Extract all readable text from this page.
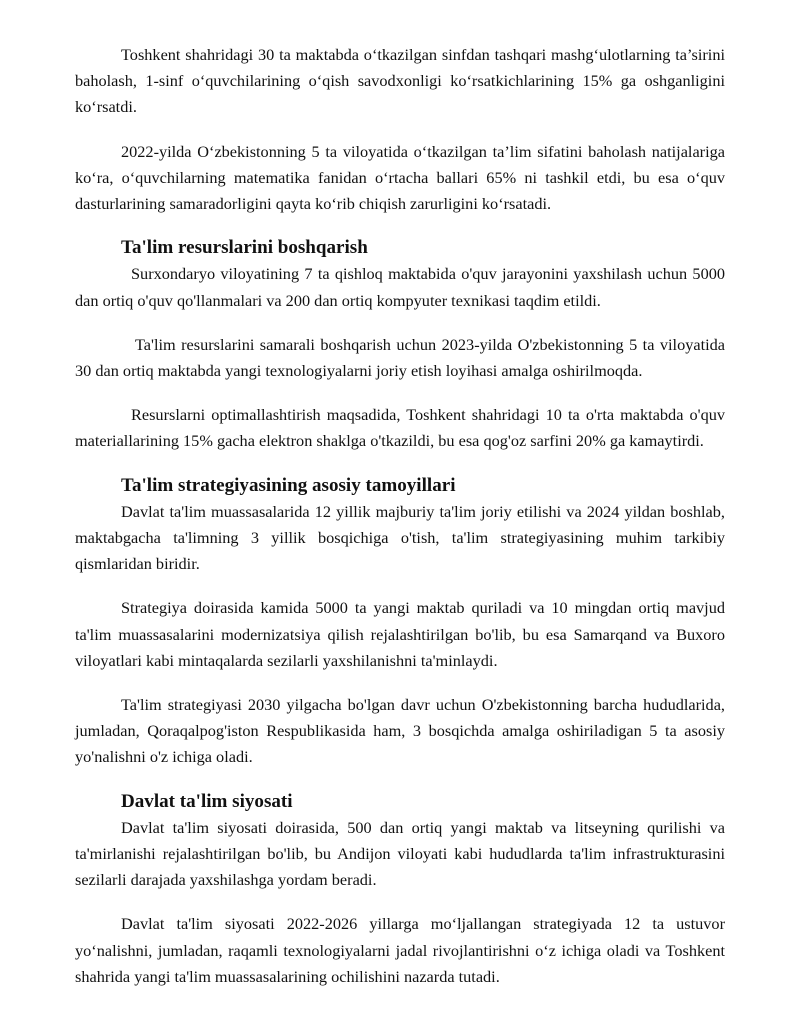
Toshkent shahridagi 30 ta maktabda o‘tkazilgan sinfdan tashqari mashg‘ulotlarning ta’sirini baholash, 1-sinf o‘quvchilarining o‘qish savodxonligi ko‘rsatkichlarining 15% ga oshganligini ko‘rsatdi.

2022-yilda O‘zbekistonning 5 ta viloyatida o‘tkazilgan ta’lim sifatini baholash natijalariga ko‘ra, o‘quvchilarning matematika fanidan o‘rtacha ballari 65% ni tashkil etdi, bu esa o‘quv dasturlarining samaradorligini qayta ko‘rib chiqish zarurligini ko‘rsatadi.

Ta'lim resurslarini boshqarish

Surxondaryo viloyatining 7 ta qishloq maktabida o'quv jarayonini yaxshilash uchun 5000 dan ortiq o'quv qo'llanmalari va 200 dan ortiq kompyuter texnikasi taqdim etildi.

Ta'lim resurslarini samarali boshqarish uchun 2023-yilda O'zbekistonning 5 ta viloyatida 30 dan ortiq maktabda yangi texnologiyalarni joriy etish loyihasi amalga oshirilmoqda.

Resurslarni optimallashtirish maqsadida, Toshkent shahridagi 10 ta o'rta maktabda o'quv materiallarining 15% gacha elektron shaklga o'tkazildi, bu esa qog'oz sarfini 20% ga kamaytirdi.

Ta'lim strategiyasining asosiy tamoyillari

Davlat ta'lim muassasalarida 12 yillik majburiy ta'lim joriy etilishi va 2024 yildan boshlab, maktabgacha ta'limning 3 yillik bosqichiga o'tish, ta'lim strategiyasining muhim tarkibiy qismlaridan biridir.

Strategiya doirasida kamida 5000 ta yangi maktab quriladi va 10 mingdan ortiq mavjud ta'lim muassasalarini modernizatsiya qilish rejalashtirilgan bo'lib, bu esa Samarqand va Buxoro viloyatlari kabi mintaqalarda sezilarli yaxshilanishni ta'minlaydi.

Ta'lim strategiyasi 2030 yilgacha bo'lgan davr uchun O'zbekistonning barcha hududlarida, jumladan, Qoraqalpog'iston Respublikasida ham, 3 bosqichda amalga oshiriladigan 5 ta asosiy yo'nalishni o'z ichiga oladi.

Davlat ta'lim siyosati

Davlat ta'lim siyosati doirasida, 500 dan ortiq yangi maktab va litseyning qurilishi va ta'mirlanishi rejalashtirilgan bo'lib, bu Andijon viloyati kabi hududlarda ta'lim infrastrukturasini sezilarli darajada yaxshilashga yordam beradi.

Davlat ta'lim siyosati 2022-2026 yillarga mo‘ljallangan strategiyada 12 ta ustuvor yo‘nalishni, jumladan, raqamli texnologiyalarni jadal rivojlantirishni o‘z ichiga oladi va Toshkent shahrida yangi ta'lim muassasalarining ochilishini nazarda tutadi.
